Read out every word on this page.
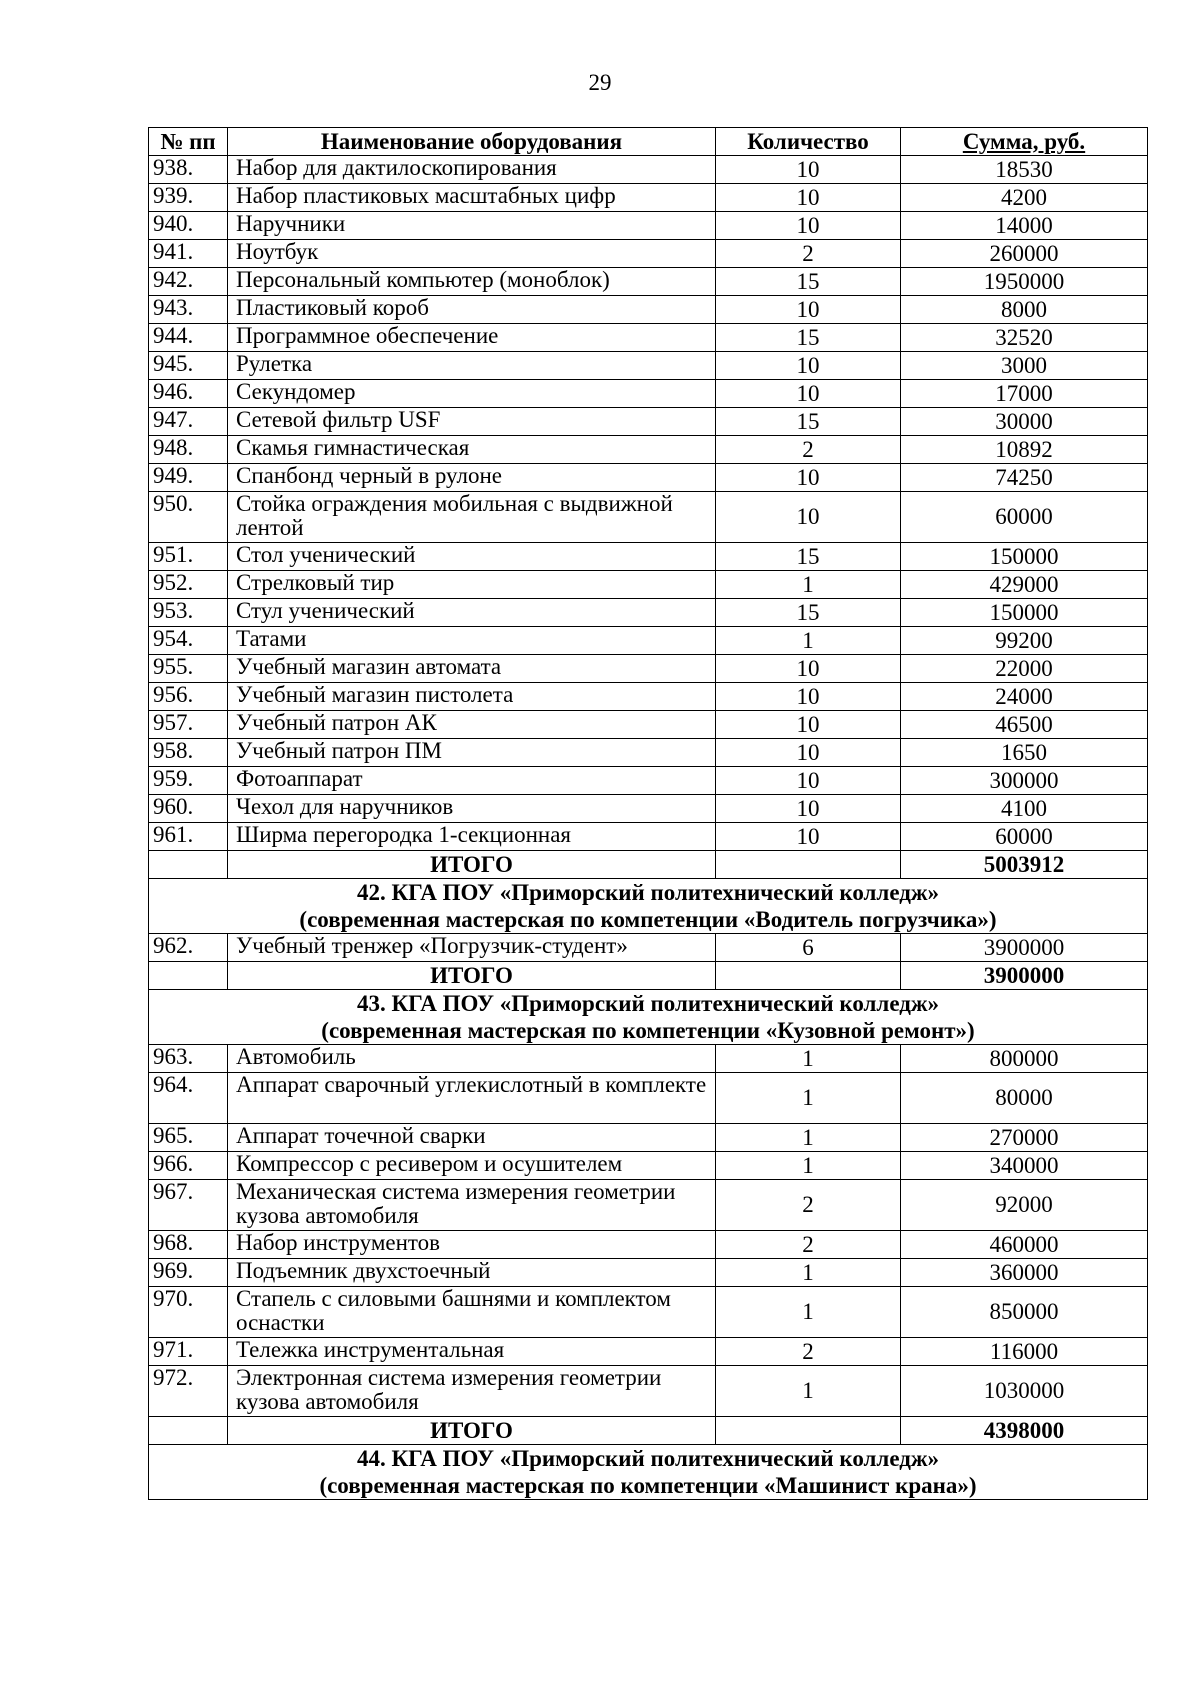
29
№ пп	Наименование оборудования	Количество	Сумма, руб.
938.	Набор для дактилоскопирования	10	18530
939.	Набор пластиковых масштабных цифр	10	4200
940.	Наручники	10	14000
941.	Ноутбук	2	260000
942.	Персональный компьютер (моноблок)	15	1950000
943.	Пластиковый короб	10	8000
944.	Программное обеспечение	15	32520
945.	Рулетка	10	3000
946.	Секундомер	10	17000
947.	Сетевой фильтр USF	15	30000
948.	Скамья гимнастическая	2	10892
949.	Спанбонд черный в рулоне	10	74250
950.	Стойка ограждения мобильная с выдвижной лентой	10	60000
951.	Стол ученический	15	150000
952.	Стрелковый тир	1	429000
953.	Стул ученический	15	150000
954.	Татами	1	99200
955.	Учебный магазин автомата	10	22000
956.	Учебный магазин пистолета	10	24000
957.	Учебный патрон АК	10	46500
958.	Учебный патрон ПМ	10	1650
959.	Фотоаппарат	10	300000
960.	Чехол для наручников	10	4100
961.	Ширма перегородка 1-секционная	10	60000
	ИТОГО		5003912

42. КГА ПОУ «Приморский политехнический колледж»
(современная мастерская по компетенции «Водитель погрузчика»)			

962.	Учебный тренжер «Погрузчик-студент»	6	3900000
	ИТОГО		3900000

43. КГА ПОУ «Приморский политехнический колледж»
(современная мастерская по компетенции «Кузовной ремонт»)			

963.	Автомобиль	1	800000
964.	Аппарат сварочный углекислотный в комплекте	1	80000
965.	Аппарат точечной сварки	1	270000
966.	Компрессор с ресивером и осушителем	1	340000
967.	Механическая система измерения геометрии кузова автомобиля	2	92000
968.	Набор инструментов	2	460000
969.	Подъемник двухстоечный	1	360000
970.	Стапель с силовыми башнями и комплектом оснастки	1	850000
971.	Тележка инструментальная	2	116000
972.	Электронная система измерения геометрии кузова автомобиля	1	1030000
	ИТОГО		4398000

44. КГА ПОУ «Приморский политехнический колледж»
(современная мастерская по компетенции «Машинист крана»)			
